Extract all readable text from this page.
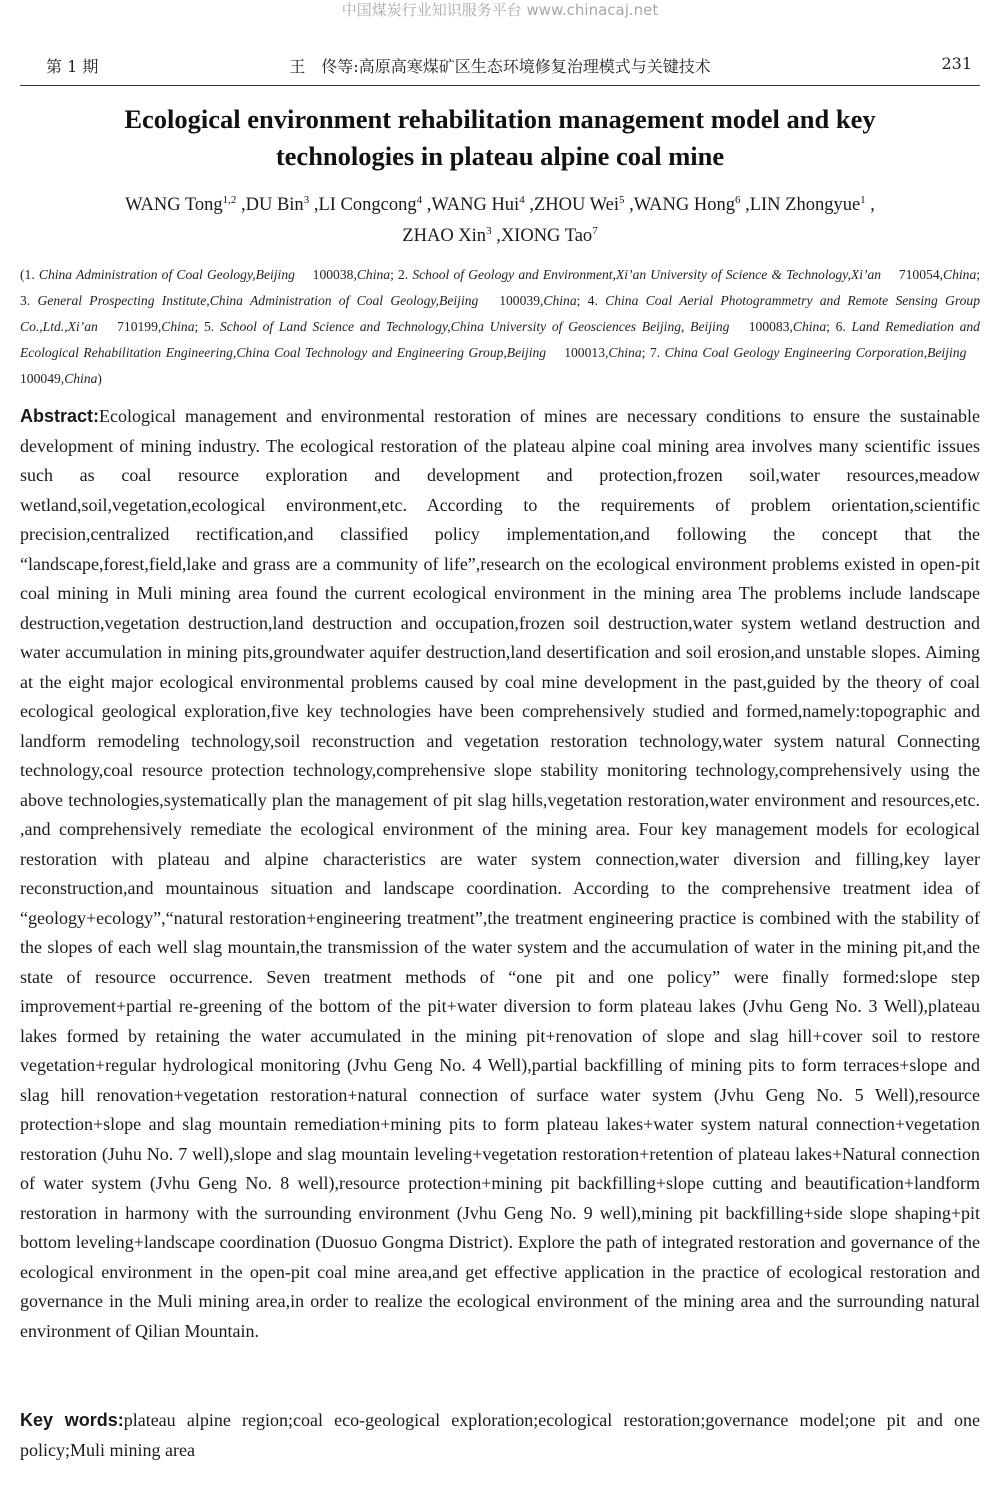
中国煤炭行业知识服务平台 www.chinacaj.net
第 1 期	王　佟等:高原高寒煤矿区生态环境修复治理模式与关键技术	231
Ecological environment rehabilitation management model and key technologies in plateau alpine coal mine
WANG Tong$^{1,2}$ ,DU Bin$^3$ ,LI Congcong$^4$ ,WANG Hui$^4$ ,ZHOU Wei$^5$ ,WANG Hong$^6$ ,LIN Zhongyue$^1$ ,
ZHAO Xin$^3$ ,XIONG Tao$^7$
(1. China Administration of Coal Geology,Beijing  100038,China; 2. School of Geology and Environment,Xi’an University of Science & Technology,Xi’an  710054,China; 3. General Prospecting Institute,China Administration of Coal Geology,Beijing  100039,China; 4. China Coal Aerial Photogrammetry and Remote Sensing Group Co.,Ltd.,Xi’an  710199,China; 5. School of Land Science and Technology,China University of Geosciences Beijing, Beijing  100083,China; 6. Land Remediation and Ecological Rehabilitation Engineering,China Coal Technology and Engineering Group,Beijing  100013,China; 7. China Coal Geology Engineering Corporation,Beijing  100049,China)
Abstract:Ecological management and environmental restoration of mines are necessary conditions to ensure the sustainable development of mining industry. The ecological restoration of the plateau alpine coal mining area involves many scientific issues such as coal resource exploration and development and protection,frozen soil,water resources,meadow wetland,soil,vegetation,ecological environment,etc. According to the requirements of problem orientation,scientific precision,centralized rectification,and classified policy implementation,and following the concept that the “landscape,forest,field,lake and grass are a community of life”,research on the ecological environment problems existed in open-pit coal mining in Muli mining area found the current ecological environment in the mining area The problems include landscape destruction,vegetation destruction,land destruction and occupation,frozen soil destruction,water system wetland destruction and water accumulation in mining pits,groundwater aquifer destruction,land desertification and soil erosion,and unstable slopes. Aiming at the eight major ecological environmental problems caused by coal mine development in the past,guided by the theory of coal ecological geological exploration,five key technologies have been comprehensively studied and formed,namely:topographic and landform remodeling technology,soil reconstruction and vegetation restoration technology,water system natural Connecting technology,coal resource protection technology,comprehensive slope stability monitoring technology,comprehensively using the above technologies,systematically plan the management of pit slag hills,vegetation restoration,water environment and resources,etc. ,and comprehensively remediate the ecological environment of the mining area. Four key management models for ecological restoration with plateau and alpine characteristics are water system connection,water diversion and filling,key layer reconstruction,and mountainous situation and landscape coordination. According to the comprehensive treatment idea of “geology+ecology”,“natural restoration+engineering treatment”,the treatment engineering practice is combined with the stability of the slopes of each well slag mountain,the transmission of the water system and the accumulation of water in the mining pit,and the state of resource occurrence. Seven treatment methods of “one pit and one policy” were finally formed:slope step improvement+partial re-greening of the bottom of the pit+water diversion to form plateau lakes (Jvhu Geng No. 3 Well),plateau lakes formed by retaining the water accumulated in the mining pit+renovation of slope and slag hill+cover soil to restore vegetation+regular hydrological monitoring (Jvhu Geng No. 4 Well),partial backfilling of mining pits to form terraces+slope and slag hill renovation+vegetation restoration+natural connection of surface water system (Jvhu Geng No. 5 Well),resource protection+slope and slag mountain remediation+mining pits to form plateau lakes+water system natural connection+vegetation restoration (Juhu No. 7 well),slope and slag mountain leveling+vegetation restoration+retention of plateau lakes+Natural connection of water system (Jvhu Geng No. 8 well),resource protection+mining pit backfilling+slope cutting and beautification+landform restoration in harmony with the surrounding environment (Jvhu Geng No. 9 well),mining pit backfilling+side slope shaping+pit bottom leveling+landscape coordination (Duosuo Gongma District). Explore the path of integrated restoration and governance of the ecological environment in the open-pit coal mine area,and get effective application in the practice of ecological restoration and governance in the Muli mining area,in order to realize the ecological environment of the mining area and the surrounding natural environment of Qilian Mountain.
Key words:plateau alpine region;coal eco-geological exploration;ecological restoration;governance model;one pit and one policy;Muli mining area
